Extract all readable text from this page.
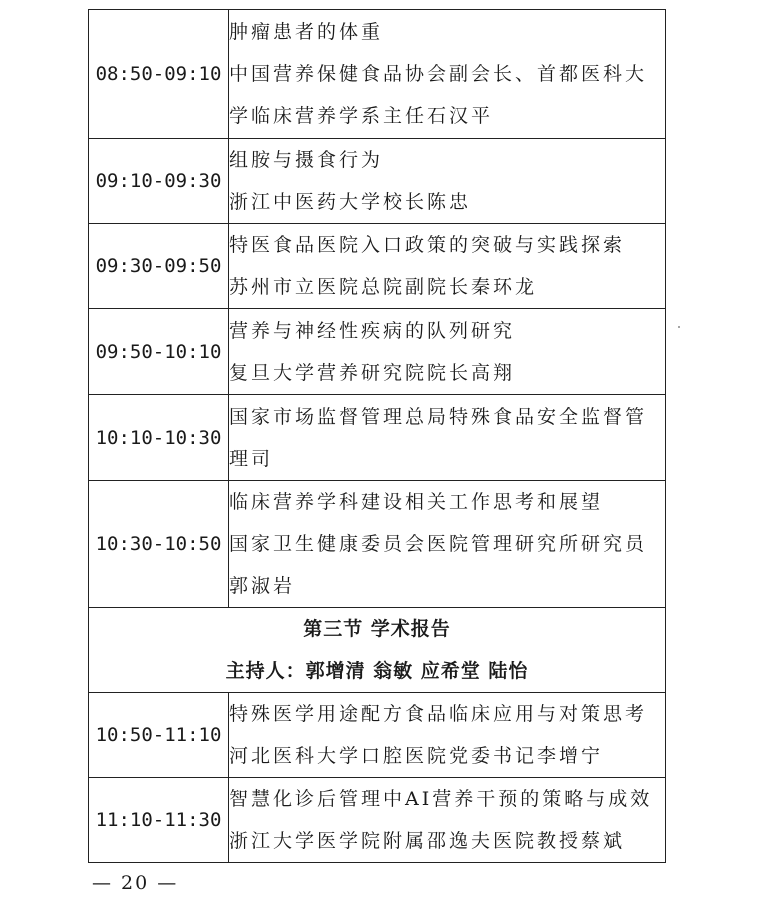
08:50-09:10	肿瘤患者的体重
中国营养保健食品协会副会长、首都医科大
学临床营养学系主任石汉平

09:10-09:30	组胺与摄食行为
浙江中医药大学校长陈忠

09:30-09:50	特医食品医院入口政策的突破与实践探索
苏州市立医院总院副院长秦环龙

09:50-10:10	营养与神经性疾病的队列研究
复旦大学营养研究院院长高翔

10:10-10:30	国家市场监督管理总局特殊食品安全监督管
理司

10:30-10:50	临床营养学科建设相关工作思考和展望
国家卫生健康委员会医院管理研究所研究员
郭淑岩

第三节 学术报告
主持人：郭增清 翁敏 应希堂 陆怡	

10:50-11:10	特殊医学用途配方食品临床应用与对策思考
河北医科大学口腔医院党委书记李增宁

11:10-11:30	智慧化诊后管理中AI营养干预的策略与成效
浙江大学医学院附属邵逸夫医院教授蔡斌
— 20 —
